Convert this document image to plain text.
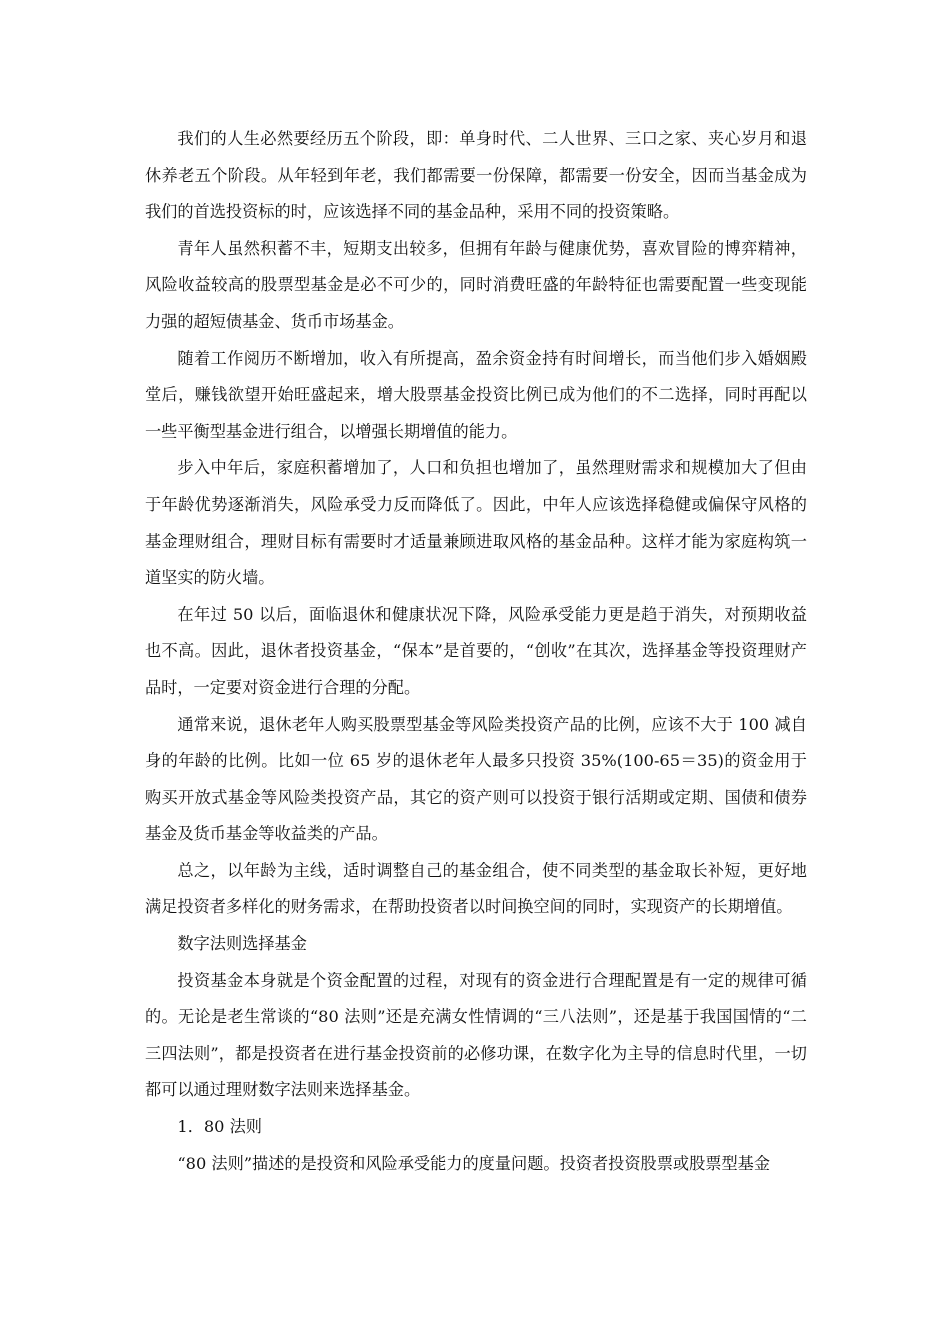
我们的人生必然要经历五个阶段，即：单身时代、二人世界、三口之家、夹心岁月和退休养老五个阶段。从年轻到年老，我们都需要一份保障，都需要一份安全，因而当基金成为我们的首选投资标的时，应该选择不同的基金品种，采用不同的投资策略。

青年人虽然积蓄不丰，短期支出较多，但拥有年龄与健康优势，喜欢冒险的博弈精神，风险收益较高的股票型基金是必不可少的，同时消费旺盛的年龄特征也需要配置一些变现能力强的超短债基金、货币市场基金。

随着工作阅历不断增加，收入有所提高，盈余资金持有时间增长，而当他们步入婚姻殿堂后，赚钱欲望开始旺盛起来，增大股票基金投资比例已成为他们的不二选择，同时再配以一些平衡型基金进行组合，以增强长期增值的能力。

步入中年后，家庭积蓄增加了，人口和负担也增加了，虽然理财需求和规模加大了但由于年龄优势逐渐消失，风险承受力反而降低了。因此，中年人应该选择稳健或偏保守风格的基金理财组合，理财目标有需要时才适量兼顾进取风格的基金品种。这样才能为家庭构筑一道坚实的防火墙。

在年过 50 以后，面临退休和健康状况下降，风险承受能力更是趋于消失，对预期收益也不高。因此，退休者投资基金，“保本”是首要的，“创收”在其次，选择基金等投资理财产品时，一定要对资金进行合理的分配。

通常来说，退休老年人购买股票型基金等风险类投资产品的比例，应该不大于 100 减自身的年龄的比例。比如一位 65 岁的退休老年人最多只投资 35%(100-65＝35)的资金用于购买开放式基金等风险类投资产品，其它的资产则可以投资于银行活期或定期、国债和债券基金及货币基金等收益类的产品。

总之，以年龄为主线，适时调整自己的基金组合，使不同类型的基金取长补短，更好地满足投资者多样化的财务需求，在帮助投资者以时间换空间的同时，实现资产的长期增值。

数字法则选择基金

投资基金本身就是个资金配置的过程，对现有的资金进行合理配置是有一定的规律可循的。无论是老生常谈的“80 法则”还是充满女性情调的“三八法则”，还是基于我国国情的“二三四法则”，都是投资者在进行基金投资前的必修功课，在数字化为主导的信息时代里，一切都可以通过理财数字法则来选择基金。

1．80 法则

“80 法则”描述的是投资和风险承受能力的度量问题。投资者投资股票或股票型基金
